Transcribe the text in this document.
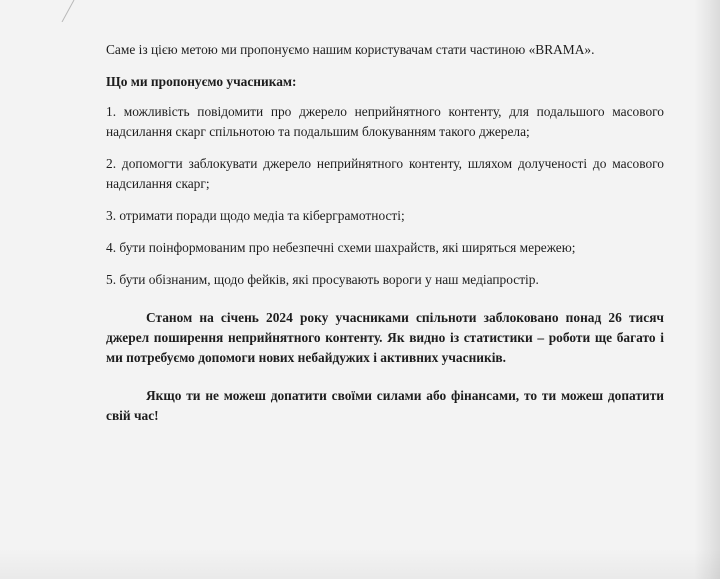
Саме із цією метою ми пропонуємо нашим користувачам стати частиною «BRAMA».

Що ми пропонуємо учасникам:

1. можливість повідомити про джерело неприйнятного контенту, для подальшого масового надсилання скарг спільнотою та подальшим блокуванням такого джерела;

2. допомогти заблокувати джерело неприйнятного контенту, шляхом долученості до масового надсилання скарг;

3. отримати поради щодо медіа та кібергрaмотності;

4. бути поінформованим про небезпечні схеми шахрайств, які ширяться мережею;

5. бути обізнаним, щодо фейків, які просувають вороги у наш медіапростір.

Станом на січень 2024 року учасниками спільноти заблоковано понад 26 тисяч джерел поширення неприйнятного контенту. Як видно із статистики – роботи ще багато і ми потребуємо допомоги нових небайдужих і активних учасників.

Якщо ти не можеш допатити своїми силами або фінансами, то ти можеш допатити свій час!
